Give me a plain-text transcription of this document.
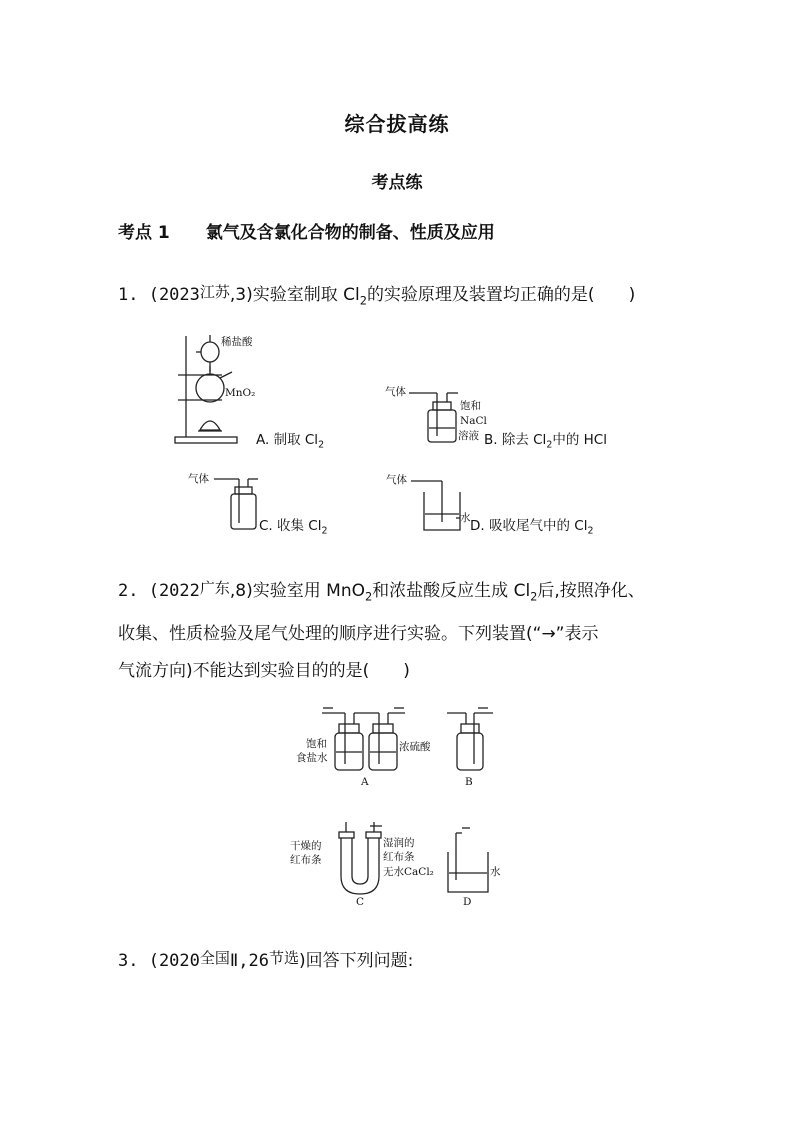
综合拔高练
考点练
考点 1 氯气及含氯化合物的制备、性质及应用
1. (2023江苏,3)实验室制取 $Cl_2$的实验原理及装置均正确的是(　　)
稀盐酸
MnO₂
A. 制取 $Cl_2$
气体
饱和
NaCl
溶液 B. 除去 $Cl_2$中的 HCl
气体
C. 收集 $Cl_2$
气体
水 D. 吸收尾气中的 $Cl_2$
2. (2022广东,8)实验室用 MnO$_2$和浓盐酸反应生成 $Cl_2$后,按照净化、
收集、性质检验及尾气处理的顺序进行实验。下列装置(“→”表示
气流方向)不能达到实验目的的是(　　)
饱和
食盐水
浓硫酸
A	B
干燥的
红布条
湿润的
红布条
无水CaCl₂
C
水
D
3. (2020全国Ⅱ,26节选)回答下列问题:
